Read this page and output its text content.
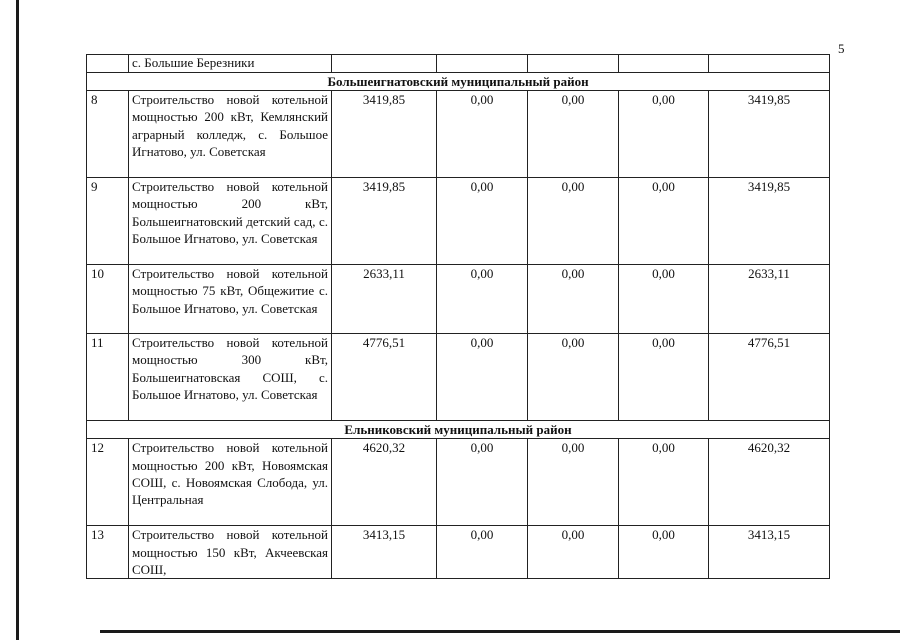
5
	с. Большие Березники					
Большеигнатовский муниципальный район						
8	Строительство новой котельной мощностью 200 кВт, Кемлянский аграрный колледж, с. Большое Игнатово, ул. Советская	3419,85	0,00	0,00	0,00	3419,85
9	Строительство новой котельной мощностью 200 кВт, Большеигнатовский детский сад, с. Большое Игнатово, ул. Советская	3419,85	0,00	0,00	0,00	3419,85
10	Строительство новой котельной мощностью 75 кВт, Общежитие с. Большое Игнатово, ул. Советская	2633,11	0,00	0,00	0,00	2633,11
11	Строительство новой котельной мощностью 300 кВт, Большеигнатовская СОШ, с. Большое Игнатово, ул. Советская	4776,51	0,00	0,00	0,00	4776,51
Ельниковский муниципальный район						
12	Строительство новой котельной мощностью 200 кВт, Новоямская СОШ, с. Новоямская Слобода, ул. Центральная	4620,32	0,00	0,00	0,00	4620,32
13	Строительство новой котельной мощностью 150 кВт, Акчеевская СОШ,	3413,15	0,00	0,00	0,00	3413,15
